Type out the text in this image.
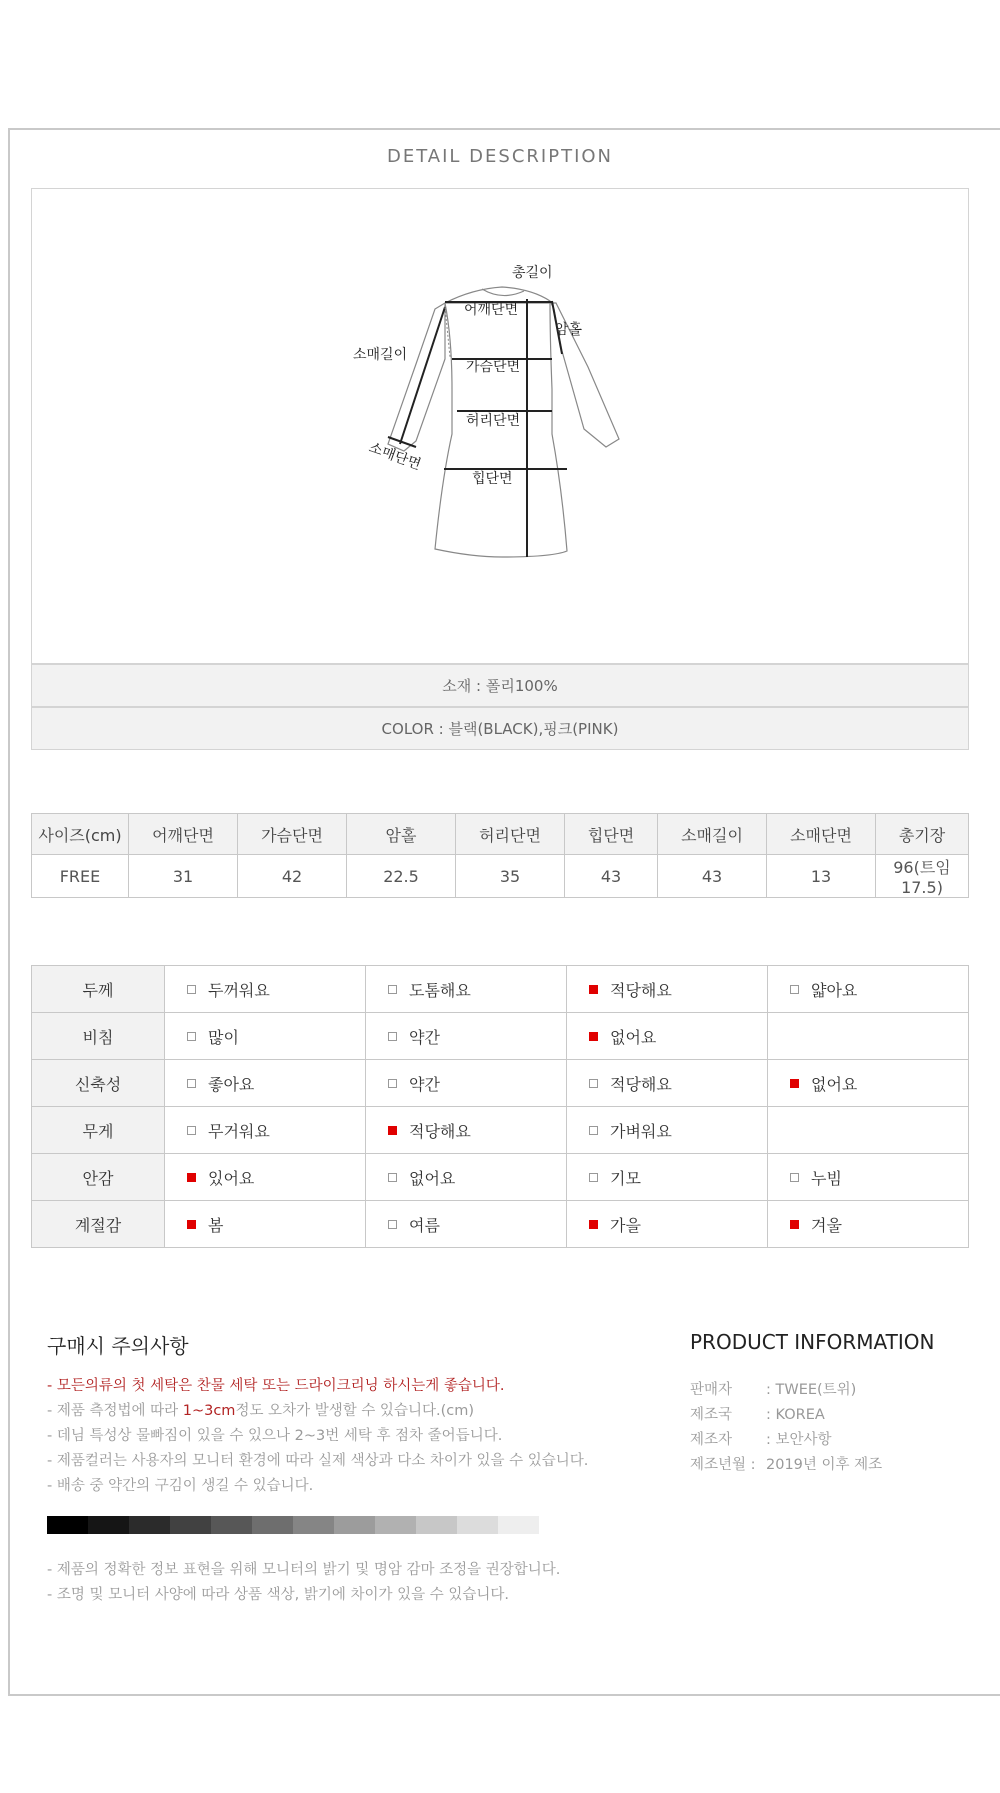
DETAIL DESCRIPTION
총길이
어깨단면
암홀
소매길이
가슴단면
허리단면
소매단면
힙단면
소재 : 폴리100%
COLOR : 블랙(BLACK),핑크(PINK)
사이즈(cm)	어깨단면	가슴단면	암홀	허리단면	힙단면	소매길이	소매단면	총기장
FREE	31	42	22.5	35	43	43	13	96(트임17.5)
두께	두꺼워요	도톰해요	적당해요	얇아요

비침	많이	약간	없어요	

신축성	좋아요	약간	적당해요	없어요

무게	무거워요	적당해요	가벼워요	

안감	있어요	없어요	기모	누빔

계절감	봄	여름	가을	겨울
구매시 주의사항
- 모든의류의 첫 세탁은 찬물 세탁 또는 드라이크리닝 하시는게 좋습니다.
- 제품 측정법에 따라 1~3cm정도 오차가 발생할 수 있습니다.(cm)
- 데님 특성상 물빠짐이 있을 수 있으나 2~3번 세탁 후 점차 줄어듭니다.
- 제품컬러는 사용자의 모니터 환경에 따라 실제 색상과 다소 차이가 있을 수 있습니다.
- 배송 중 약간의 구김이 생길 수 있습니다.
- 제품의 정확한 정보 표현을 위해 모니터의 밝기 및 명암 감마 조정을 권장합니다.
- 조명 및 모니터 사양에 따라 상품 색상, 밝기에 차이가 있을 수 있습니다.
PRODUCT INFORMATION
판매자 : TWEE(트위)
제조국 : KOREA
제조자 : 보안사항
제조년월 : 2019년 이후 제조
